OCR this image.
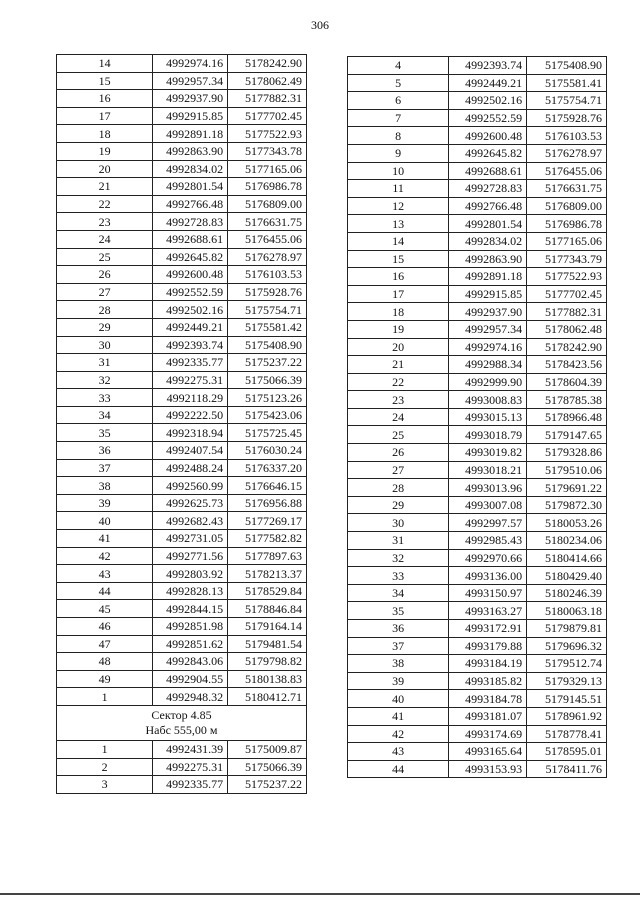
306
14	4992974.16	5178242.90
15	4992957.34	5178062.49
16	4992937.90	5177882.31
17	4992915.85	5177702.45
18	4992891.18	5177522.93
19	4992863.90	5177343.78
20	4992834.02	5177165.06
21	4992801.54	5176986.78
22	4992766.48	5176809.00
23	4992728.83	5176631.75
24	4992688.61	5176455.06
25	4992645.82	5176278.97
26	4992600.48	5176103.53
27	4992552.59	5175928.76
28	4992502.16	5175754.71
29	4992449.21	5175581.42
30	4992393.74	5175408.90
31	4992335.77	5175237.22
32	4992275.31	5175066.39
33	4992118.29	5175123.26
34	4992222.50	5175423.06
35	4992318.94	5175725.45
36	4992407.54	5176030.24
37	4992488.24	5176337.20
38	4992560.99	5176646.15
39	4992625.73	5176956.88
40	4992682.43	5177269.17
41	4992731.05	5177582.82
42	4992771.56	5177897.63
43	4992803.92	5178213.37
44	4992828.13	5178529.84
45	4992844.15	5178846.84
46	4992851.98	5179164.14
47	4992851.62	5179481.54
48	4992843.06	5179798.82
49	4992904.55	5180138.83
1	4992948.32	5180412.71

Сектор 4.85
Набс 555,00 м		

1	4992431.39	5175009.87
2	4992275.31	5175066.39
3	4992335.77	5175237.22
4	4992393.74	5175408.90
5	4992449.21	5175581.41
6	4992502.16	5175754.71
7	4992552.59	5175928.76
8	4992600.48	5176103.53
9	4992645.82	5176278.97
10	4992688.61	5176455.06
11	4992728.83	5176631.75
12	4992766.48	5176809.00
13	4992801.54	5176986.78
14	4992834.02	5177165.06
15	4992863.90	5177343.79
16	4992891.18	5177522.93
17	4992915.85	5177702.45
18	4992937.90	5177882.31
19	4992957.34	5178062.48
20	4992974.16	5178242.90
21	4992988.34	5178423.56
22	4992999.90	5178604.39
23	4993008.83	5178785.38
24	4993015.13	5178966.48
25	4993018.79	5179147.65
26	4993019.82	5179328.86
27	4993018.21	5179510.06
28	4993013.96	5179691.22
29	4993007.08	5179872.30
30	4992997.57	5180053.26
31	4992985.43	5180234.06
32	4992970.66	5180414.66
33	4993136.00	5180429.40
34	4993150.97	5180246.39
35	4993163.27	5180063.18
36	4993172.91	5179879.81
37	4993179.88	5179696.32
38	4993184.19	5179512.74
39	4993185.82	5179329.13
40	4993184.78	5179145.51
41	4993181.07	5178961.92
42	4993174.69	5178778.41
43	4993165.64	5178595.01
44	4993153.93	5178411.76
